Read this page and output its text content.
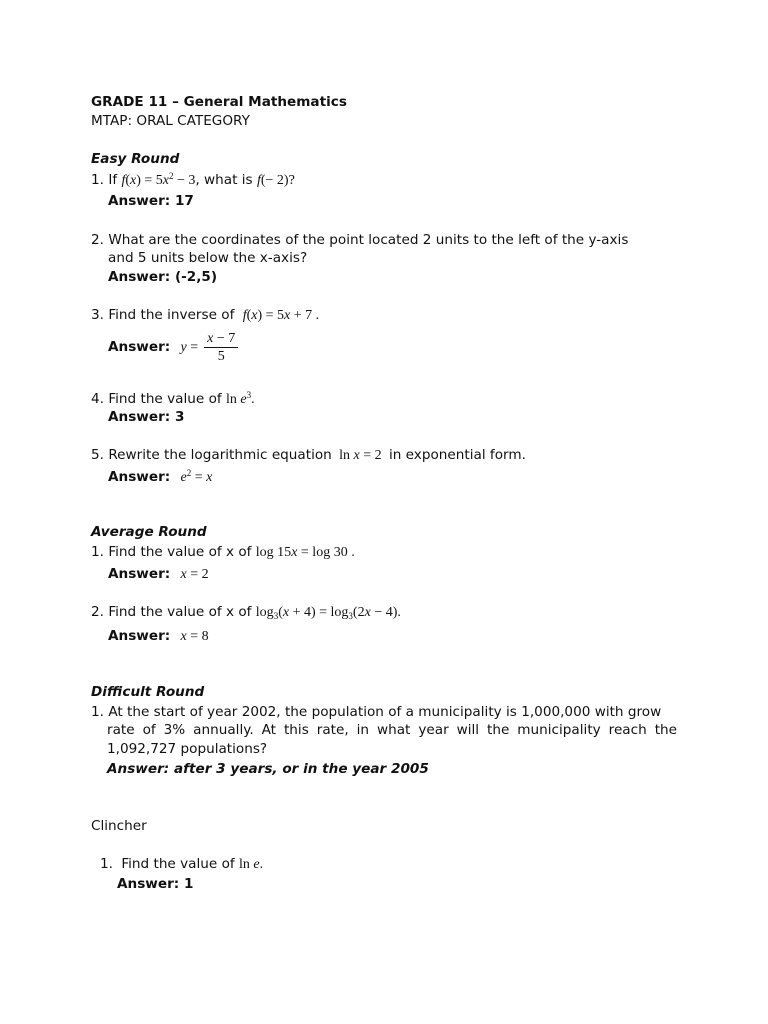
GRADE 11 – General Mathematics
MTAP: ORAL CATEGORY
Easy Round
1. If $f(x) = 5x^2 - 3$, what is f(− 2)?
Answer: 17
2. What are the coordinates of the point located 2 units to the left of the y-axis
and 5 units below the x-axis?
Answer: (-2,5)
3. Find the inverse of f(x) = 5x + 7 .
Answer: $y = \frac{x - 7}{5}$
4. Find the value of $\ln e^3$.
Answer: 3
5. Rewrite the logarithmic equation ln x = 2 in exponential form.
Answer: $e^2 = x$
Average Round
1. Find the value of x of log 15x = log 30 .
Answer: x = 2
2. Find the value of x of $\log_3(x + 4) = \log_3(2x - 4)$.
Answer: x = 8
Difficult Round
1. At the start of year 2002, the population of a municipality is 1,000,000 with grow
rate of 3% annually. At this rate, in what year will the municipality reach the
1,092,727 populations?
Answer: after 3 years, or in the year 2005
Clincher
1. Find the value of ln e.
Answer: 1
